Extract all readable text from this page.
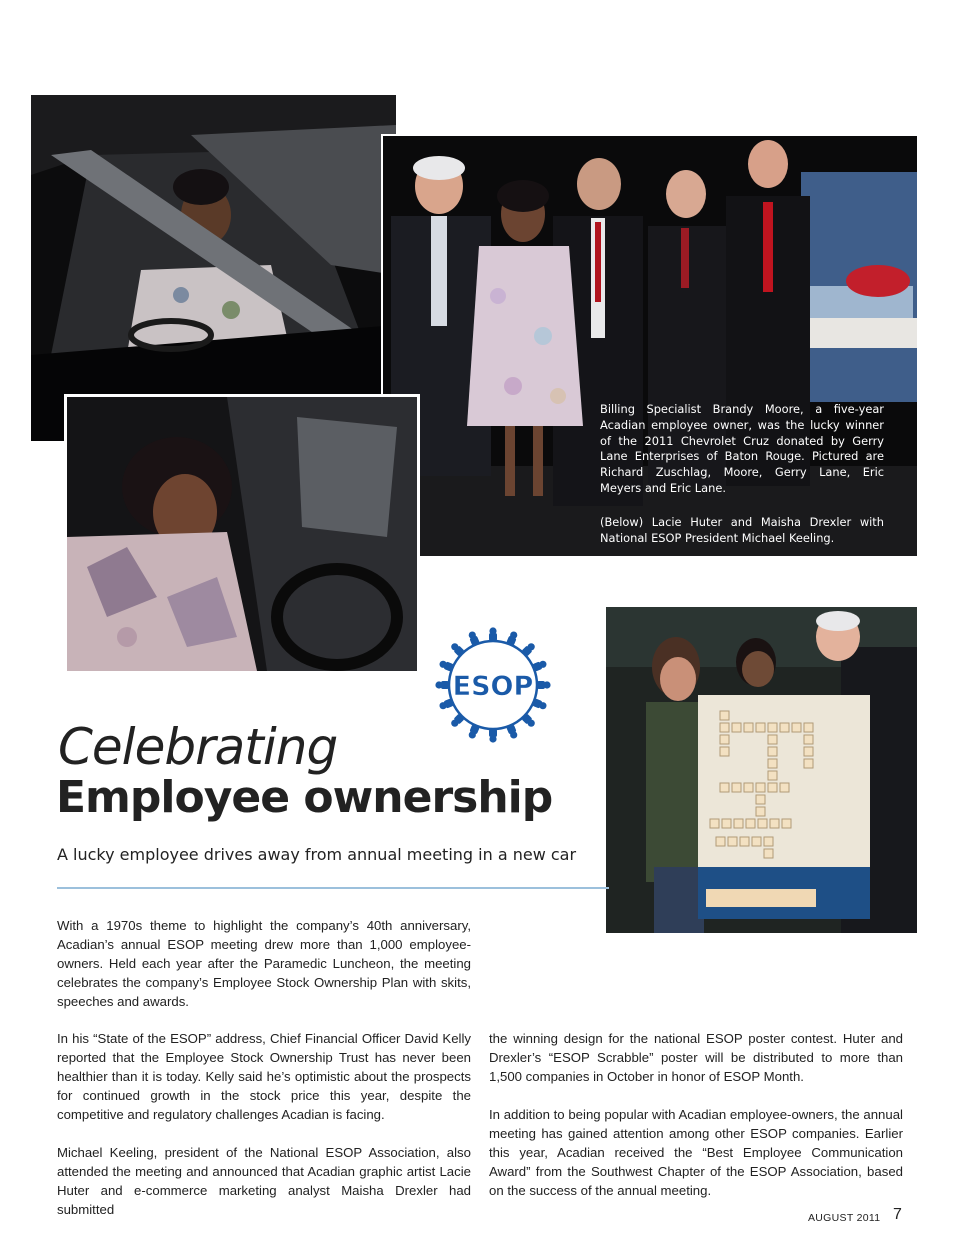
Billing Specialist Brandy Moore, a five-year Acadian employee owner, was the lucky winner of the 2011 Chevrolet Cruz donated by Gerry Lane Enterprises of Baton Rouge. Pictured are Richard Zuschlag, Moore, Gerry Lane, Eric Meyers and Eric Lane.

(Below) Lacie Huter and Maisha Drexler with National ESOP President Michael Keeling.

ESOP
Celebrating
Employee ownership
A lucky employee drives away from annual meeting in a new car

With a 1970s theme to highlight the company’s 40th anniversary, Acadian’s annual ESOP meeting drew more than 1,000 employee-owners. Held each year after the Paramedic Luncheon, the meeting celebrates the company’s Employee Stock Ownership Plan with skits, speeches and awards.

In his “State of the ESOP” address, Chief Financial Officer David Kelly reported that the Employee Stock Ownership Trust has never been healthier than it is today. Kelly said he’s optimistic about the prospects for continued growth in the stock price this year, despite the competitive and regulatory challenges Acadian is facing.

Michael Keeling, president of the National ESOP Association, also attended the meeting and announced that Acadian graphic artist Lacie Huter and e-commerce marketing analyst Maisha Drexler had submitted

the winning design for the national ESOP poster contest. Huter and Drexler’s “ESOP Scrabble” poster will be distributed to more than 1,500 companies in October in honor of ESOP Month.

In addition to being popular with Acadian employee-owners, the annual meeting has gained attention among other ESOP companies. Earlier this year, Acadian received the “Best Employee Communication Award” from the Southwest Chapter of the ESOP Association, based on the success of the annual meeting.

AUGUST 2011 7
